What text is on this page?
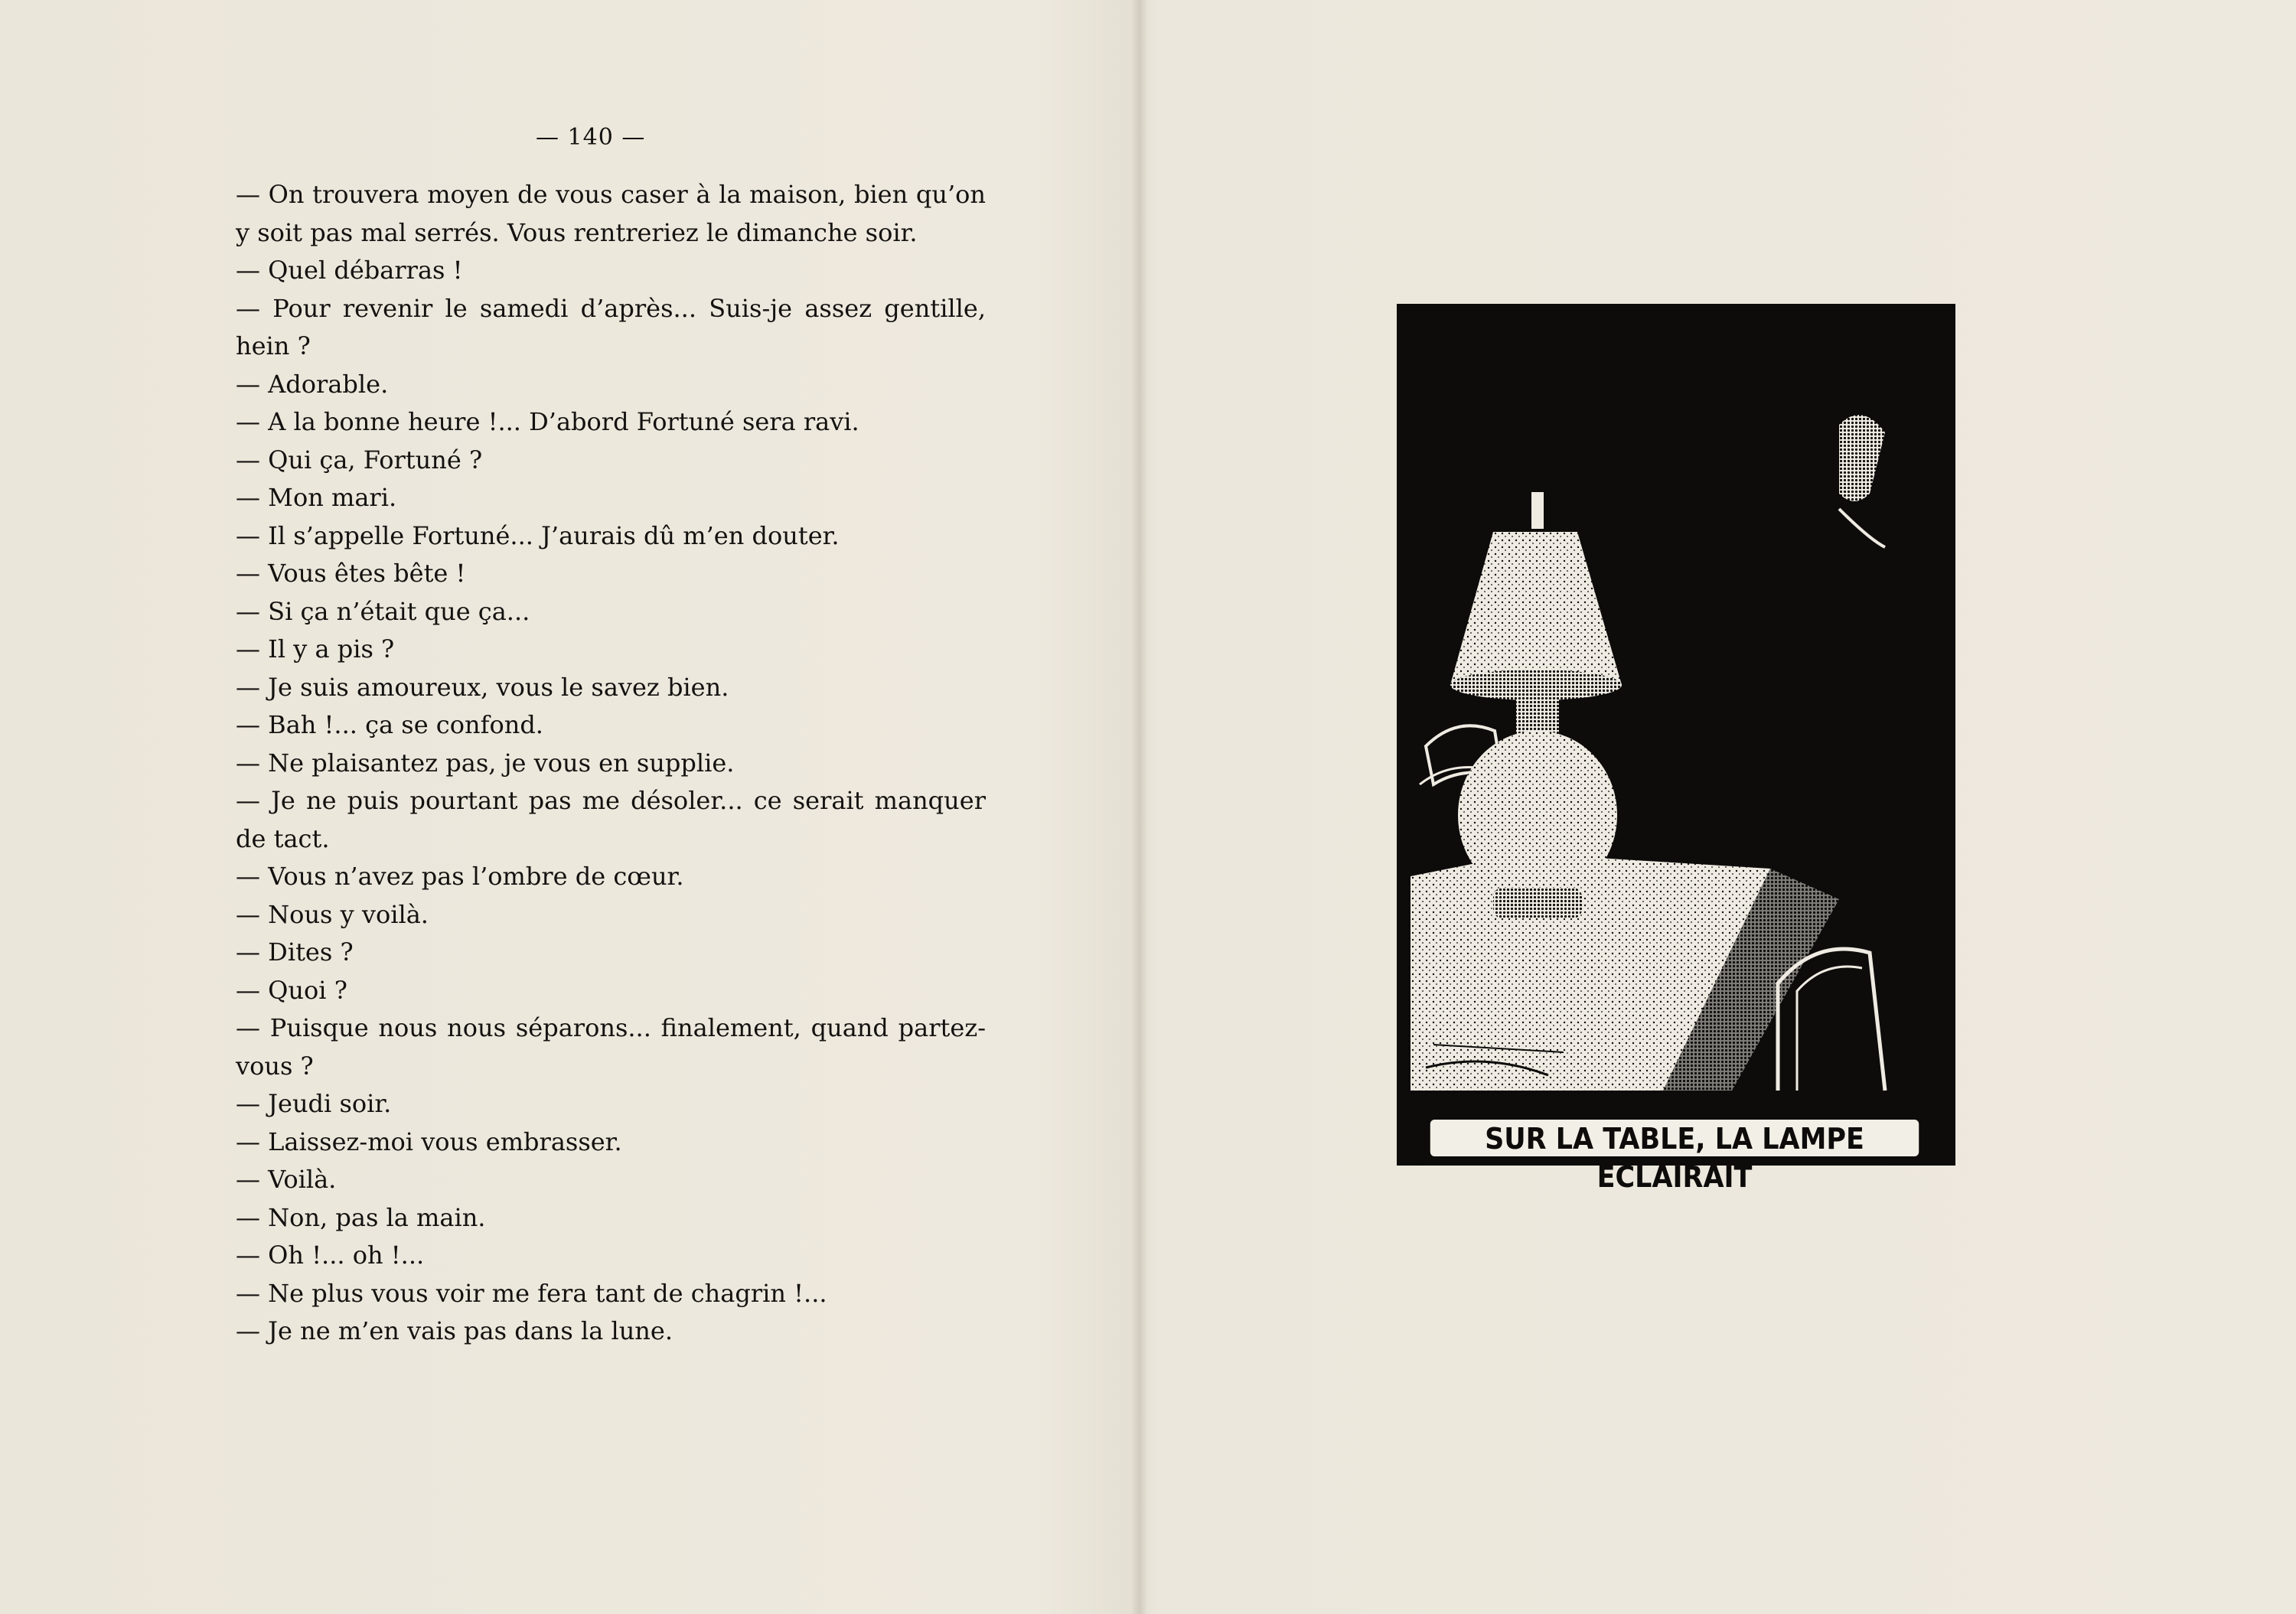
— 140 —

— On trouvera moyen de vous caser à la maison, bien qu’on y soit pas mal serrés. Vous rentreriez le dimanche soir.

— Quel débarras !

— Pour revenir le samedi d’après... Suis-je assez gentille, hein ?

— Adorable.

— A la bonne heure !... D’abord Fortuné sera ravi.

— Qui ça, Fortuné ?

— Mon mari.

— Il s’appelle Fortuné... J’aurais dû m’en douter.

— Vous êtes bête !

— Si ça n’était que ça...

— Il y a pis ?

— Je suis amoureux, vous le savez bien.

— Bah !... ça se confond.

— Ne plaisantez pas, je vous en supplie.

— Je ne puis pourtant pas me désoler... ce serait manquer de tact.

— Vous n’avez pas l’ombre de cœur.

— Nous y voilà.

— Dites ?

— Quoi ?

— Puisque nous nous séparons... finalement, quand partez-vous ?

— Jeudi soir.

— Laissez-moi vous embrasser.

— Voilà.

— Non, pas la main.

— Oh !... oh !...

— Ne plus vous voir me fera tant de chagrin !...

— Je ne m’en vais pas dans la lune.

FV
SUR LA TABLE, LA LAMPE ÉCLAIRAIT
